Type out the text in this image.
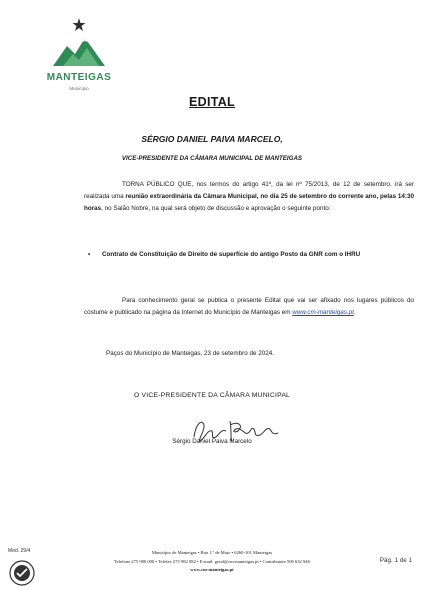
MANTEIGAS
Município
EDITAL
SÉRGIO DANIEL PAIVA MARCELO,
VICE-PRESIDENTE DA CÂMARA MUNICIPAL DE MANTEIGAS
TORNA PÚBLICO QUE, nos termos do artigo 41º, da lei nº 75/2013, de 12 de setembro, irá ser realizada uma reunião extraordinária da Câmara Municipal, no dia 25 de setembro do corrente ano, pelas 14:30 horas, no Salão Nobre, na qual será objeto de discussão e aprovação o seguinte ponto:
•	Contrato de Constituição de Direito de superfície do antigo Posto da GNR com o IHRU
Para conhecimento geral se publica o presente Edital que vai ser afixado nos lugares públicos do costume e publicado na página da Internet do Município de Manteigas em www.cm-manteigas.pt.
Paços do Município de Manteigas, 23 de setembro de 2024.
O VICE-PRESIDENTE DA CÂMARA MUNICIPAL
Sérgio Daniel Paiva Marcelo
Mod. 29/4	Município de Manteigas • Rua 1.º de Maio • 6260-101 Manteigas
Telefone 275 980 000 • Telefax 275 982 082 • E-mail: geral@cm-manteigas.pt • Contribuinte 506 632 946
www.cm-manteigas.pt
Pág. 1 de 1
